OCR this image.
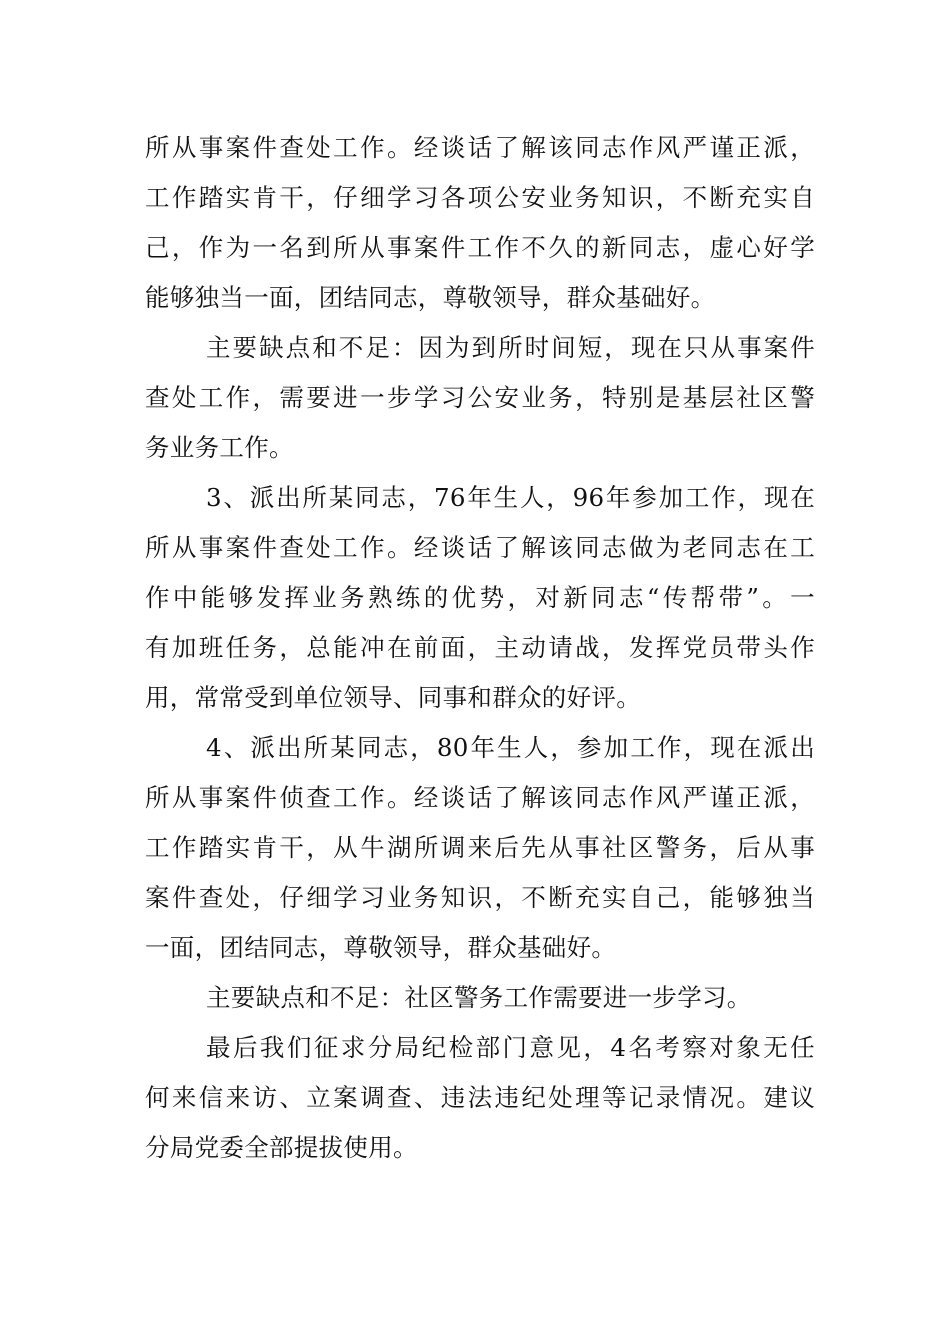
所从事案件查处工作。经谈话了解该同志作风严谨正派，
工作踏实肯干，仔细学习各项公安业务知识，不断充实自
己，作为一名到所从事案件工作不久的新同志，虚心好学
能够独当一面，团结同志，尊敬领导，群众基础好。
主要缺点和不足：因为到所时间短，现在只从事案件
查处工作，需要进一步学习公安业务，特别是基层社区警
务业务工作。
3、派出所某同志，76年生人，96年参加工作，现在
所从事案件查处工作。经谈话了解该同志做为老同志在工
作中能够发挥业务熟练的优势，对新同志“传帮带”。一
有加班任务，总能冲在前面，主动请战，发挥党员带头作
用，常常受到单位领导、同事和群众的好评。
4、派出所某同志，80年生人，参加工作，现在派出
所从事案件侦查工作。经谈话了解该同志作风严谨正派，
工作踏实肯干，从牛湖所调来后先从事社区警务，后从事
案件查处，仔细学习业务知识，不断充实自己，能够独当
一面，团结同志，尊敬领导，群众基础好。
主要缺点和不足：社区警务工作需要进一步学习。
最后我们征求分局纪检部门意见，4名考察对象无任
何来信来访、立案调查、违法违纪处理等记录情况。建议
分局党委全部提拔使用。
